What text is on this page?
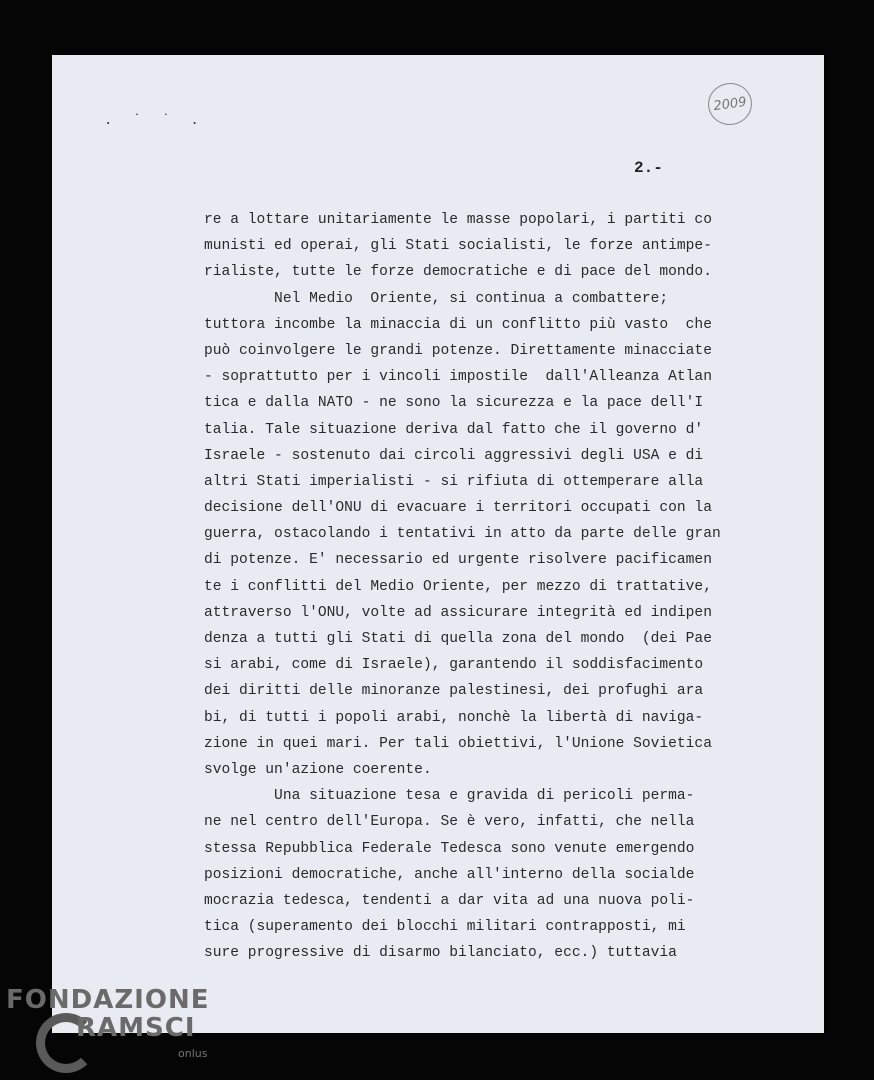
. ˙ ˙ .
2009
2.-
re a lottare unitariamente le masse popolari, i partiti co
munisti ed operai, gli Stati socialisti, le forze antimpe-
rialiste, tutte le forze democratiche e di pace del mondo.
Nel Medio  Oriente, si continua a combattere;
tuttora incombe la minaccia di un conflitto più vasto  che
può coinvolgere le grandi potenze. Direttamente minacciate
- soprattutto per i vincoli impostile  dall'Alleanza Atlan
tica e dalla NATO - ne sono la sicurezza e la pace dell'I
talia. Tale situazione deriva dal fatto che il governo d'
Israele - sostenuto dai circoli aggressivi degli USA e di
altri Stati imperialisti - si rifiuta di ottemperare alla
decisione dell'ONU di evacuare i territori occupati con la
guerra, ostacolando i tentativi in atto da parte delle gran
di potenze. E' necessario ed urgente risolvere pacificamen
te i conflitti del Medio Oriente, per mezzo di trattative,
attraverso l'ONU, volte ad assicurare integrità ed indipen
denza a tutti gli Stati di quella zona del mondo  (dei Pae
si arabi, come di Israele), garantendo il soddisfacimento
dei diritti delle minoranze palestinesi, dei profughi ara
bi, di tutti i popoli arabi, nonchè la libertà di naviga-
zione in quei mari. Per tali obiettivi, l'Unione Sovietica
svolge un'azione coerente.
Una situazione tesa e gravida di pericoli perma-
ne nel centro dell'Europa. Se è vero, infatti, che nella
stessa Repubblica Federale Tedesca sono venute emergendo
posizioni democratiche, anche all'interno della socialde
mocrazia tedesca, tendenti a dar vita ad una nuova poli-
tica (superamento dei blocchi militari contrapposti, mi
sure progressive di disarmo bilanciato, ecc.) tuttavia
FONDAZIONE
RAMSCI
onlus
